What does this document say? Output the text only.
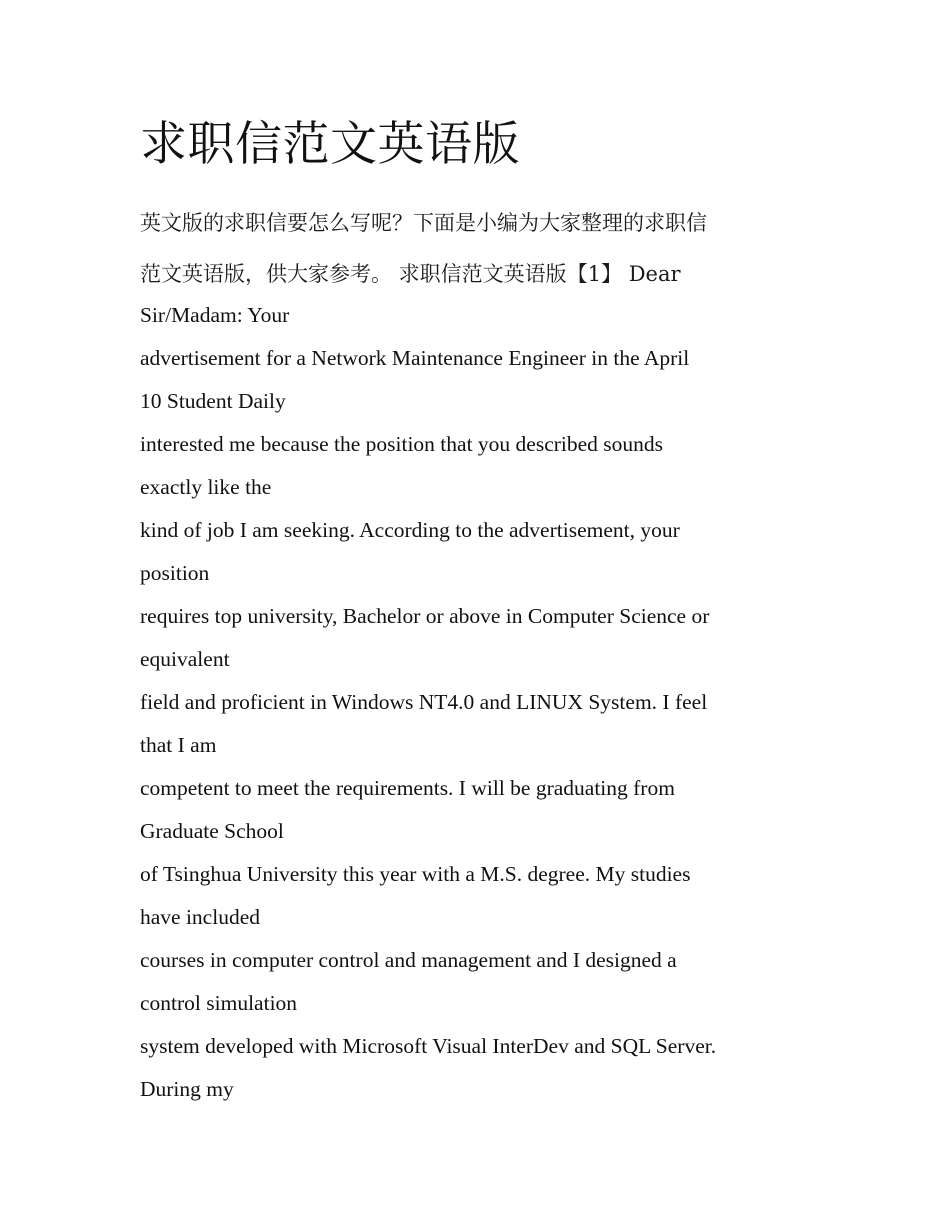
求职信范文英语版
英文版的求职信要怎么写呢？下面是小编为大家整理的求职信
范文英语版，供大家参考。 求职信范文英语版【1】 Dear
Sir/Madam: Your
advertisement for a Network Maintenance Engineer in the April
10 Student Daily
interested me because the position that you described sounds
exactly like the
kind of job I am seeking. According to the advertisement, your
position
requires top university, Bachelor or above in Computer Science or
equivalent
field and proficient in Windows NT4.0 and LINUX System. I feel
that I am
competent to meet the requirements. I will be graduating from
Graduate School
of Tsinghua University this year with a M.S. degree. My studies
have included
courses in computer control and management and I designed a
control simulation
system developed with Microsoft Visual InterDev and SQL Server.
During my
